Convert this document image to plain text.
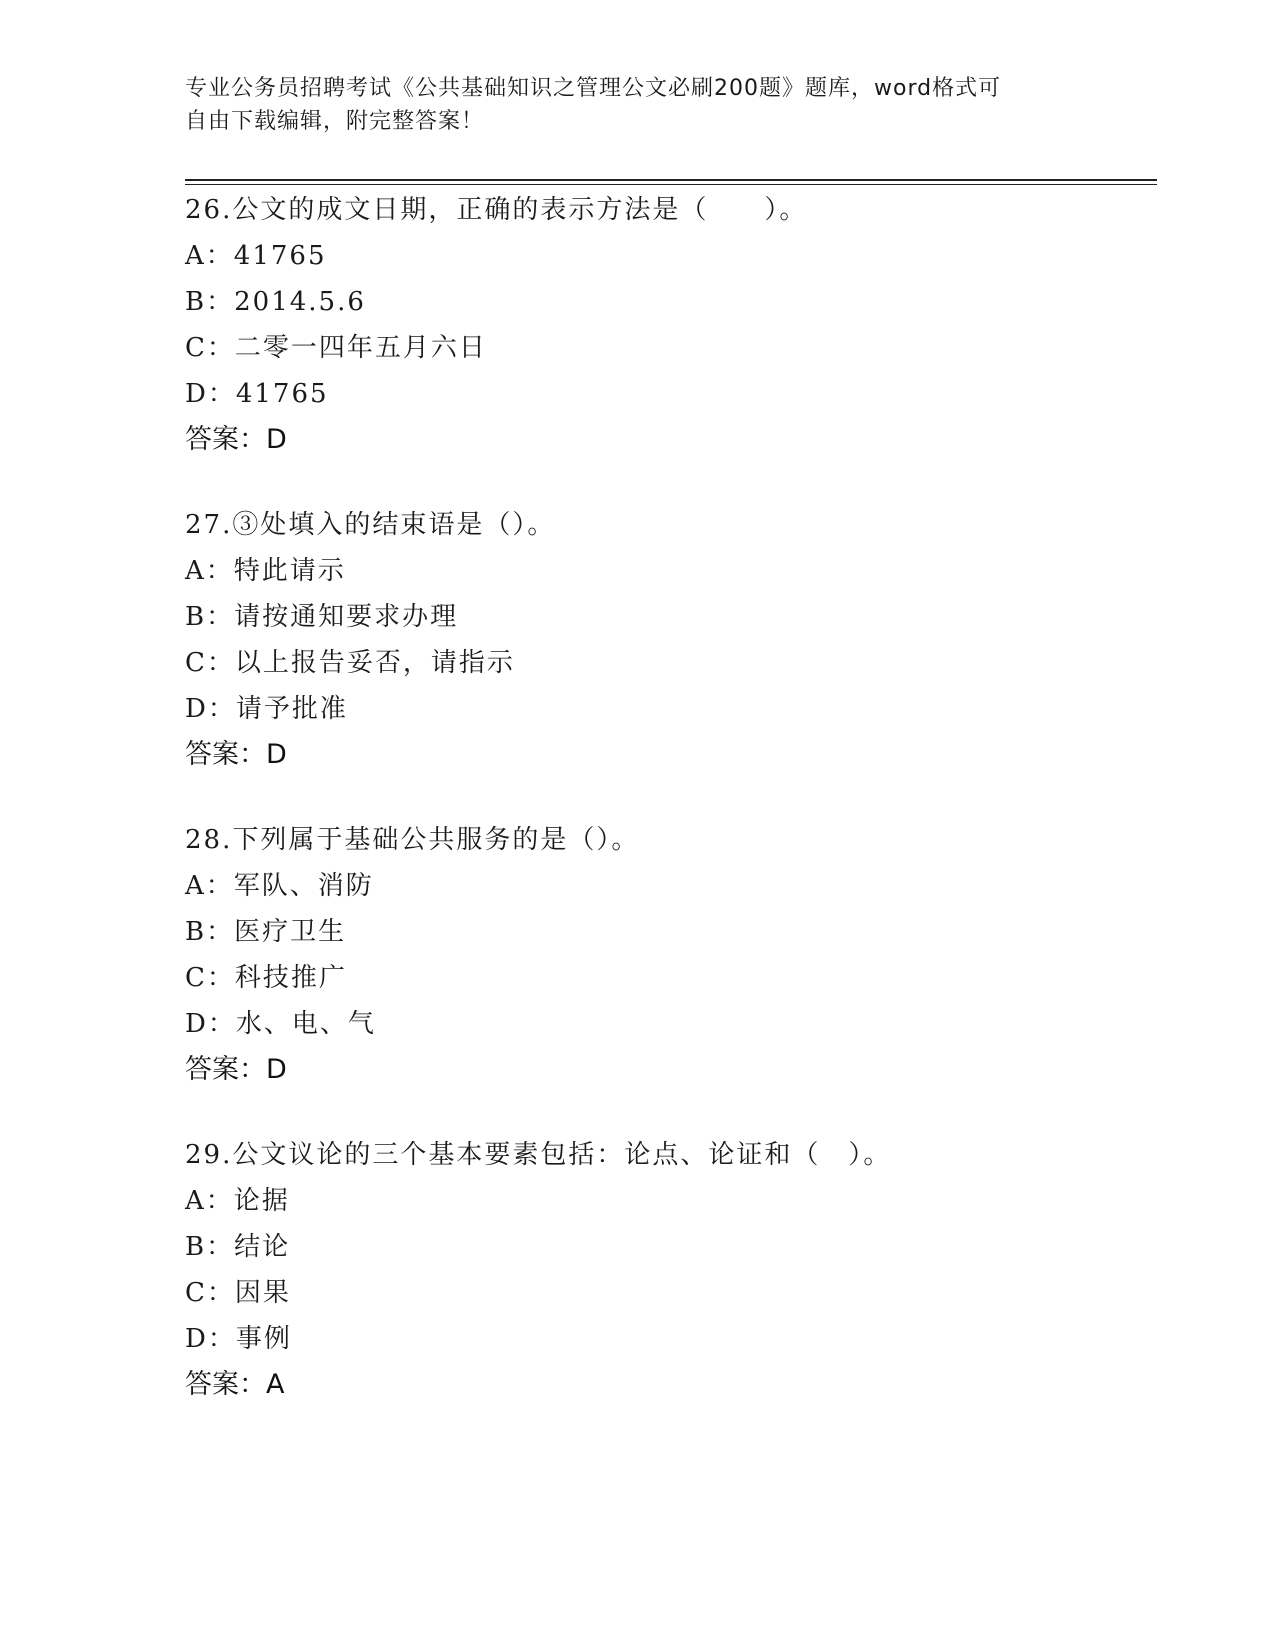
专业公务员招聘考试《公共基础知识之管理公文必刷200题》题库，word格式可
自由下载编辑，附完整答案！
26.公文的成文日期，正确的表示方法是（　　）。
A：41765
B：2014.5.6
C：二零一四年五月六日
D：41765
答案：D
27.③处填入的结束语是（）。
A：特此请示
B：请按通知要求办理
C：以上报告妥否，请指示
D：请予批准
答案：D
28.下列属于基础公共服务的是（）。
A：军队、消防
B：医疗卫生
C：科技推广
D：水、电、气
答案：D
29.公文议论的三个基本要素包括：论点、论证和（　）。
A：论据
B：结论
C：因果
D：事例
答案：A
